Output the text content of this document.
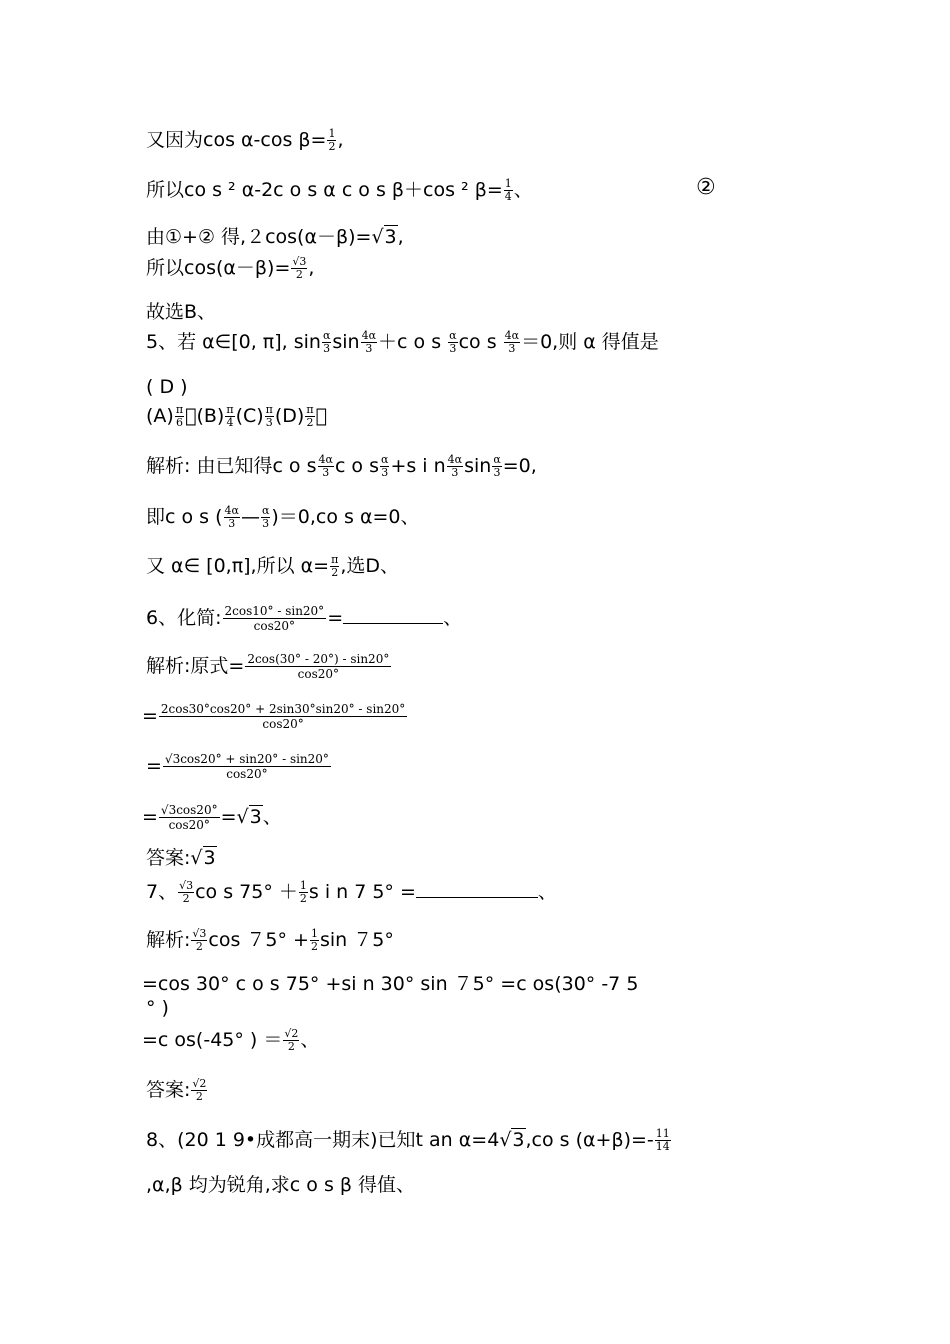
又因为cos α-cos $\beta= \frac{1}{2}$ ,
所以co s ² α-2c o s α c o s β＋cos ² $\beta= \frac{1}{4}$ 、	②
由①+② 得,２cos(α－β)=√3,
所以$\cos(\alpha-\beta)= \frac{√3}{2}$ ,
故选B、
5、若 α∈[0, π], $\sin \frac{\alpha}{3}$ $\sin \frac{4\alpha}{3} +c$ o s $\frac{\alpha}{3}$ co s $\frac{4\alpha}{3} =0$,则 α 得值是
( D )
$(A) \frac{\pi}{6}$  (B) $\frac{\pi}{4} (C) \frac{\pi}{3} (D) \frac{\pi}{2}$  
解析: 由已知得c o s $\frac{4\alpha}{3}$ c o s $\frac{\alpha}{3} +s$ i n $\frac{4\alpha}{3}$ $\sin \frac{\alpha}{3} =0$,
即c o s ( $\frac{4\alpha}{3}$ — $\frac{\alpha}{3} )=0,co$ s α=0、
又 α∈ [0,π],所以 $\alpha= \frac{\pi}{2}$ ,选D、
6、化简: $\frac{2\cos 10^\circ - \sin 20^\circ}{\cos 20^\circ}$ =	、
解析:原式= $\frac{2\cos(30^\circ - 20^\circ) - \sin 20^\circ}{\cos 20^\circ}$
= $\frac{2\cos 30^\circ\cos 20^\circ + 2\sin 30^\circ\sin 20^\circ - \sin 20^\circ}{\cos 20^\circ}$
= $\frac{√3\cos 20^\circ + \sin 20^\circ - \sin 20^\circ}{\cos 20^\circ}$
= $\frac{√3\cos 20^\circ}{\cos 20^\circ} =√3$、
答案:√3
7、 $\frac{√3}{2}$ co s $75^\circ + \frac{1}{2}$ s i n 7 5° =	、
解析: $\frac{√3}{2}$ $\cos 75^\circ + \frac{1}{2}$ sin ７5°
=cos 30° c o s 75° +si n 30° sin ７5° =c os(30° -7 5
° )
=c os(-45° ) ＝ $\frac{√2}{2}$ 、
答案: $\frac{√2}{2}$
8、(20 1 9•成都高一期末)已知t an α=4√3,co s $(\alpha+\beta)=- \frac{11}{14}$
,α,β 均为锐角,求c o s β 得值、
